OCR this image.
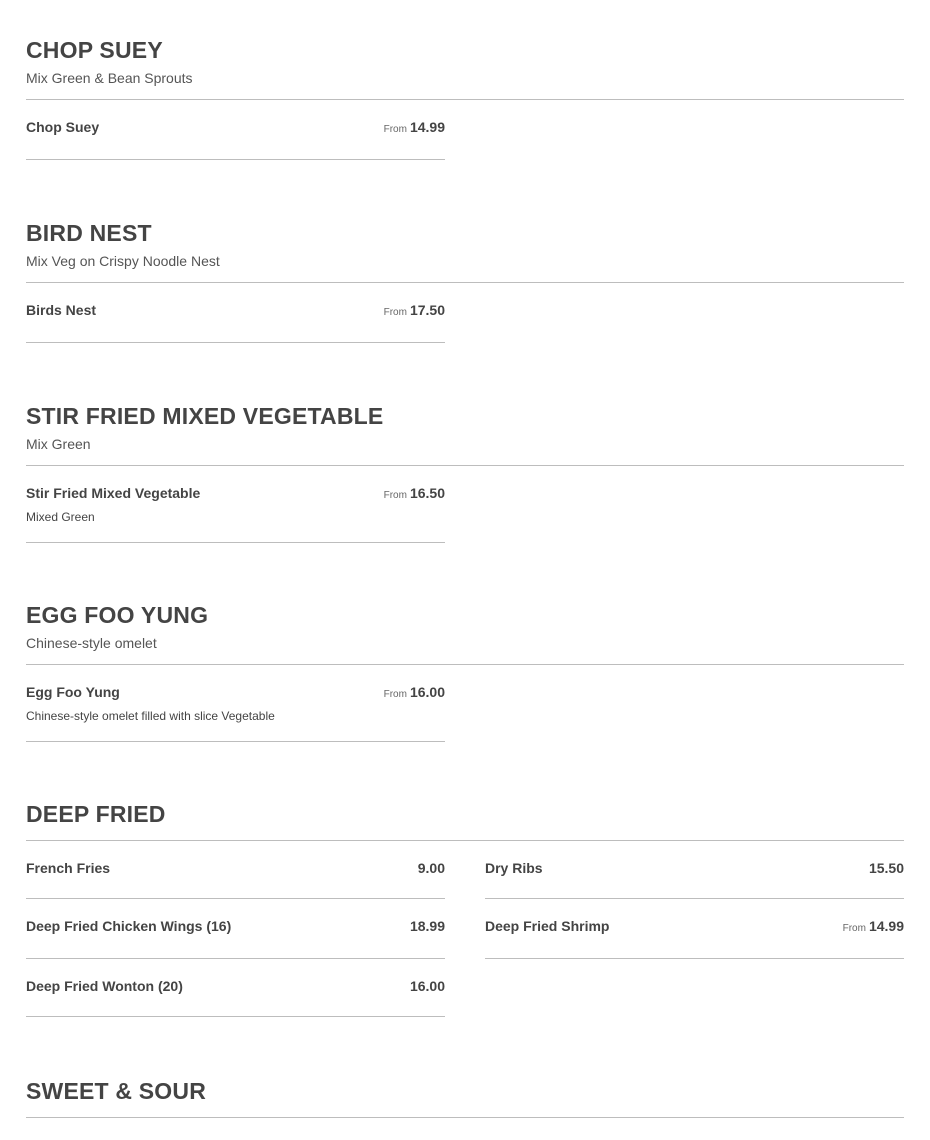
CHOP SUEY
Mix Green & Bean Sprouts
Chop Suey	From 14.99
BIRD NEST
Mix Veg on Crispy Noodle Nest
Birds Nest	From 17.50
STIR FRIED MIXED VEGETABLE
Mix Green
Stir Fried Mixed Vegetable	From 16.50
Mixed Green
EGG FOO YUNG
Chinese-style omelet
Egg Foo Yung	From 16.00
Chinese-style omelet filled with slice Vegetable
DEEP FRIED
French Fries	9.00	Dry Ribs	15.50
Deep Fried Chicken Wings (16)	18.99	Deep Fried Shrimp	From 14.99
Deep Fried Wonton (20)	16.00
SWEET & SOUR
